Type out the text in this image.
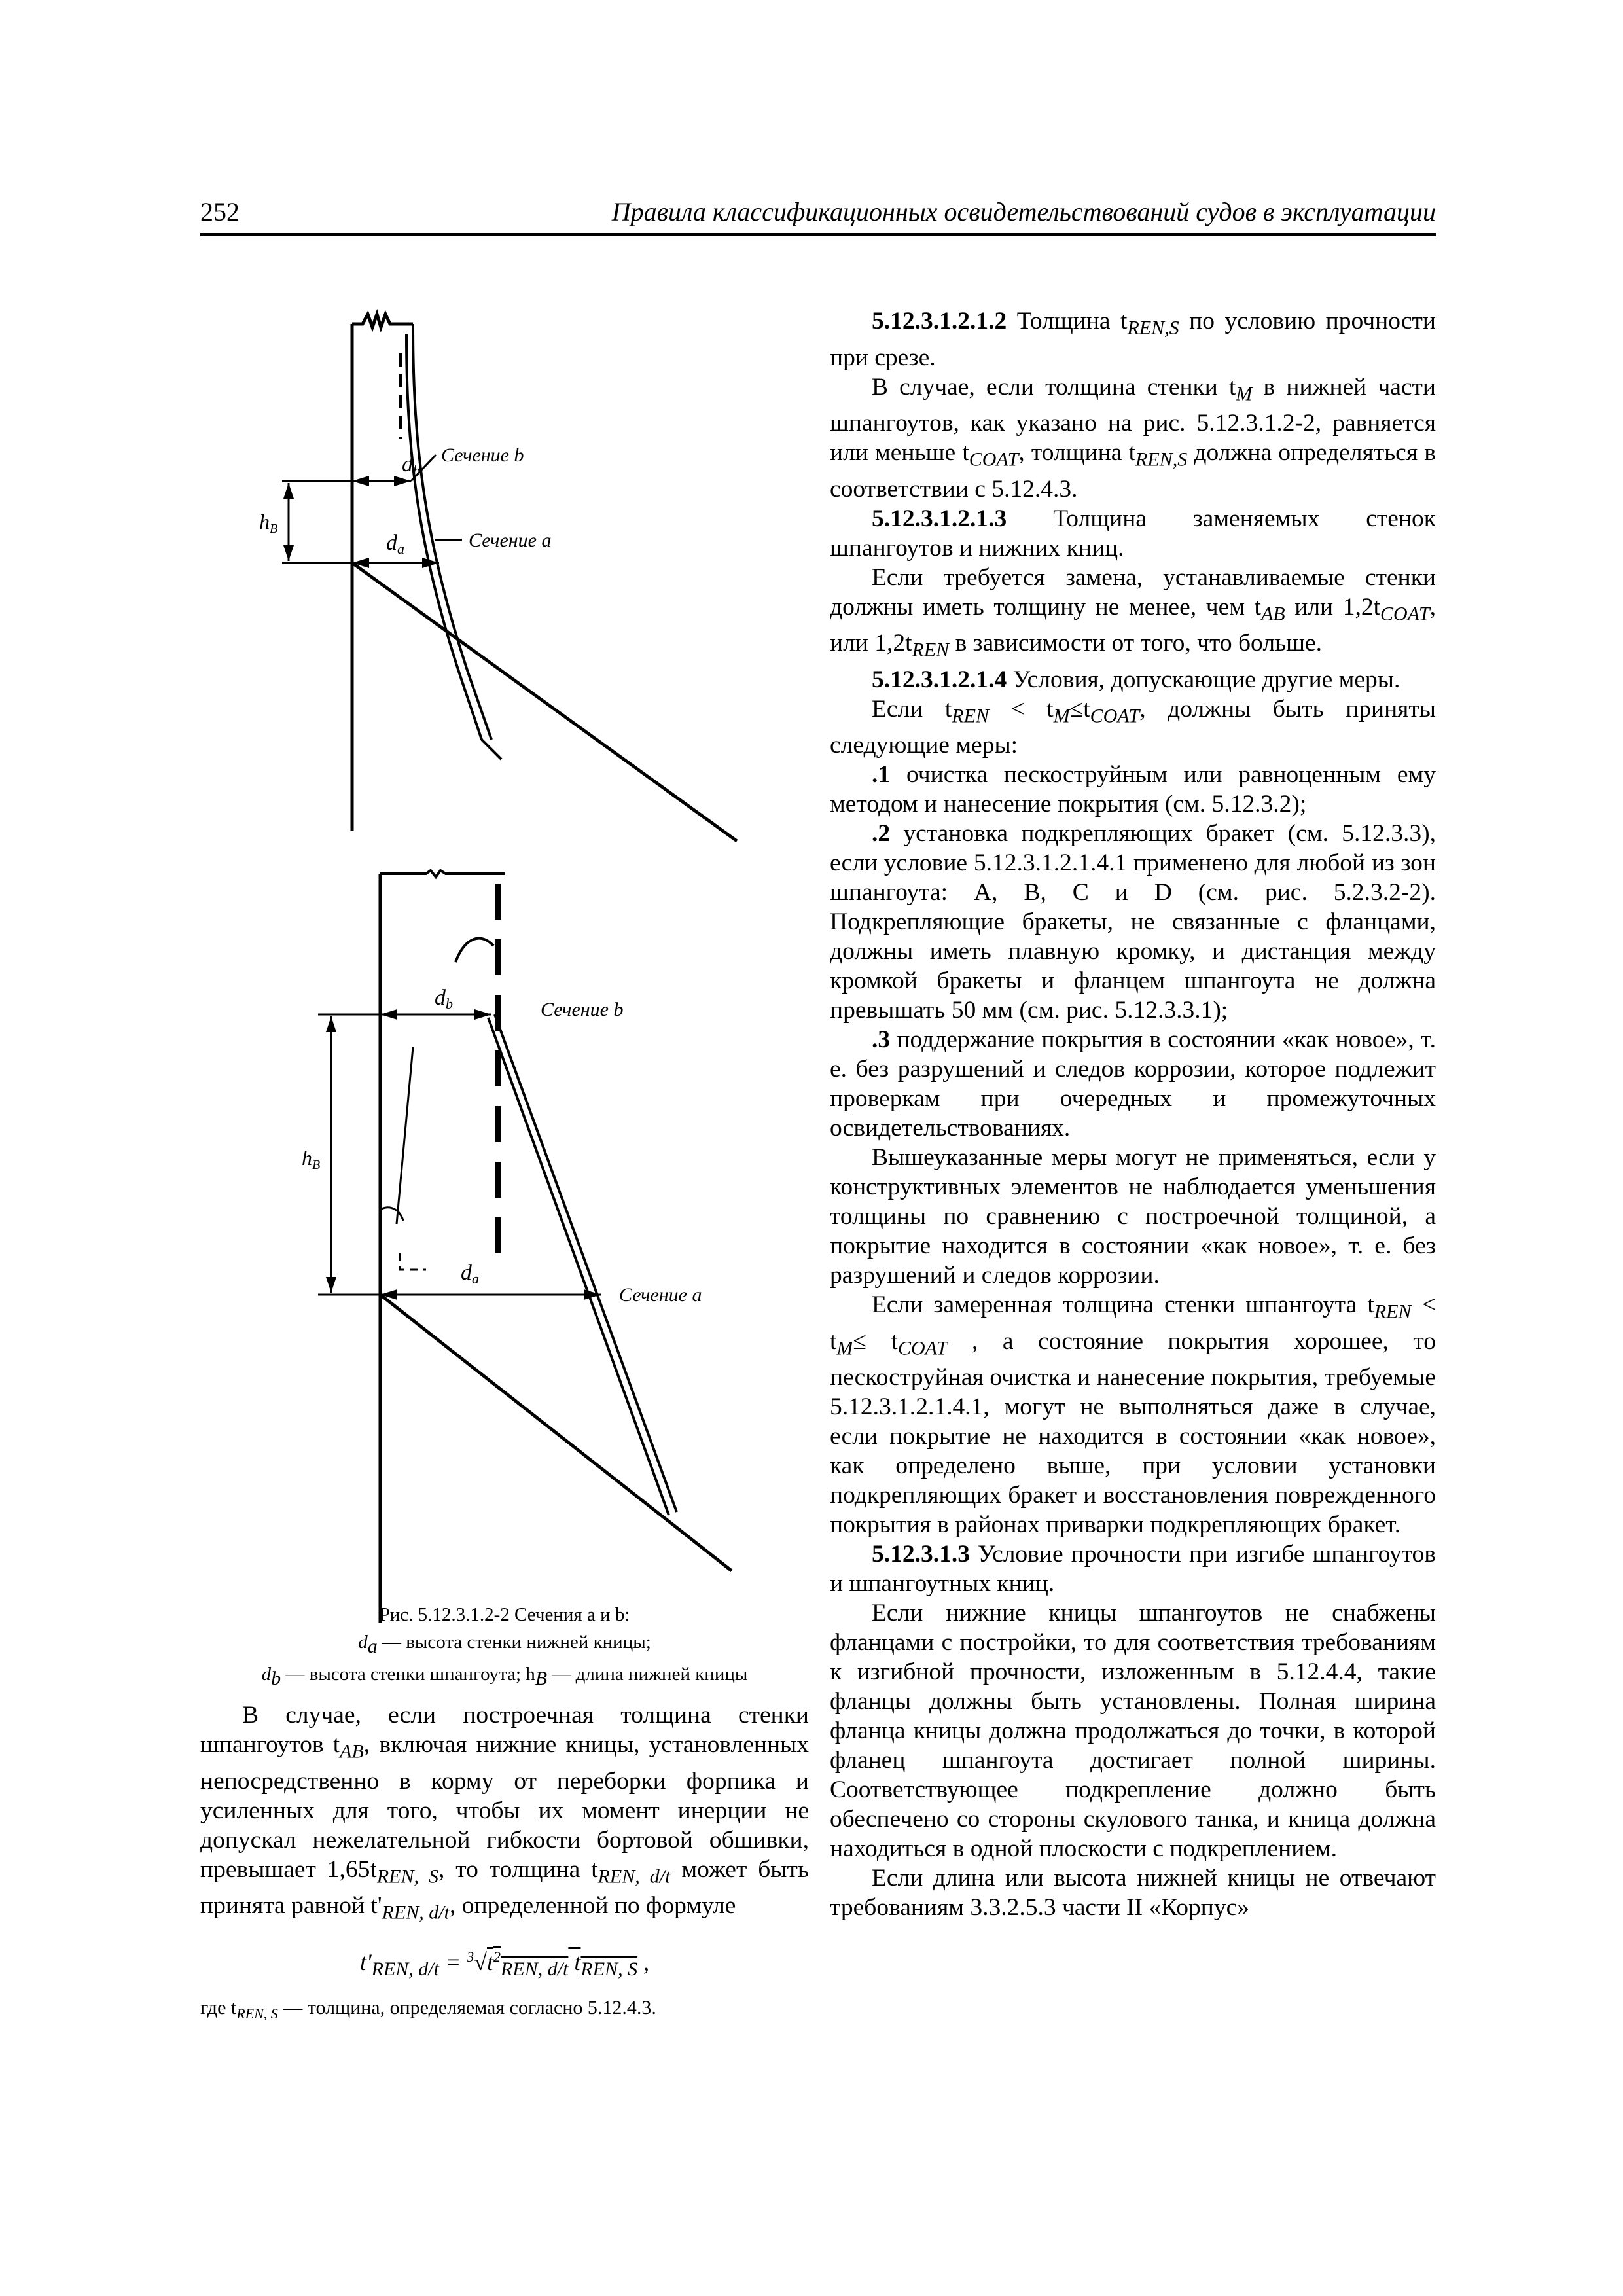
252	Правила классификационных освидетельствований судов в эксплуатации
db
da
hB
Сечение b
Сечение a
db
da
hB
Сечение b
Сечение a
Рис. 5.12.3.1.2-2 Сечения a и b:
$d_a$ — высота стенки нижней кницы;
$d_b$ — высота стенки шпангоута; $h_B$ — длина нижней кницы

В случае, если построечная толщина стенки шпангоутов $t_{AB}$, включая нижние кницы, установленных непосредственно в корму от переборки форпика и усиленных для того, чтобы их момент инерции не допускал нежелательной гибкости бортовой обшивки, превышает $1,65t_{REN, S}$, то толщина $t_{REN, d/t}$ может быть принята равной $t'_{REN, d/t}$, определенной по формуле

$t'_{REN, d/t} = ^3√t^2_{REN, d/t}$ $t_{REN, S}$ ,

где $t_{REN, S}$ — толщина, определяемая согласно 5.12.4.3.

5.12.3.1.2.1.2 Толщина $t_{REN,S}$ по условию прочности при срезе.

В случае, если толщина стенки $t_M$ в нижней части шпангоутов, как указано на рис. 5.12.3.1.2-2, равняется или меньше $t_{COAT}$, толщина $t_{REN,S}$ должна определяться в соответствии с 5.12.4.3.

5.12.3.1.2.1.3 Толщина заменяемых стенок шпангоутов и нижних книц.

Если требуется замена, устанавливаемые стенки должны иметь толщину не менее, чем $t_{AB}$ или $1,2t_{COAT}$, или $1,2t_{REN}$ в зависимости от того, что больше.

5.12.3.1.2.1.4 Условия, допускающие другие меры.

Если $t_{REN} < t_M\le t_{COAT}$, должны быть приняты следующие меры:

.1 очистка пескоструйным или равноценным ему методом и нанесение покрытия (см. 5.12.3.2);

.2 установка подкрепляющих бракет (см. 5.12.3.3), если условие 5.12.3.1.2.1.4.1 применено для любой из зон шпангоута: A, B, C и D (см. рис. 5.2.3.2-2). Подкрепляющие бракеты, не связанные с фланцами, должны иметь плавную кромку, и дистанция между кромкой бракеты и фланцем шпангоута не должна превышать 50 мм (см. рис. 5.12.3.3.1);

.3 поддержание покрытия в состоянии «как новое», т. е. без разрушений и следов коррозии, которое подлежит проверкам при очередных и промежуточных освидетельствованиях.

Вышеуказанные меры могут не применяться, если у конструктивных элементов не наблюдается уменьшения толщины по сравнению с построечной толщиной, а покрытие находится в состоянии «как новое», т. е. без разрушений и следов коррозии.

Если замеренная толщина стенки шпангоута $t_{REN} < t_M\le t_{COAT}$ , а состояние покрытия хорошее, то пескоструйная очистка и нанесение покрытия, требуемые 5.12.3.1.2.1.4.1, могут не выполняться даже в случае, если покрытие не находится в состоянии «как новое», как определено выше, при условии установки подкрепляющих бракет и восстановления поврежденного покрытия в районах приварки подкрепляющих бракет.

5.12.3.1.3 Условие прочности при изгибе шпангоутов и шпангоутных книц.

Если нижние кницы шпангоутов не снабжены фланцами с постройки, то для соответствия требованиям к изгибной прочности, изложенным в 5.12.4.4, такие фланцы должны быть установлены. Полная ширина фланца кницы должна продолжаться до точки, в которой фланец шпангоута достигает полной ширины. Соответствующее подкрепление должно быть обеспечено со стороны скулового танка, и кница должна находиться в одной плоскости с подкреплением.

Если длина или высота нижней кницы не отвечают требованиям 3.3.2.5.3 части II «Корпус»
